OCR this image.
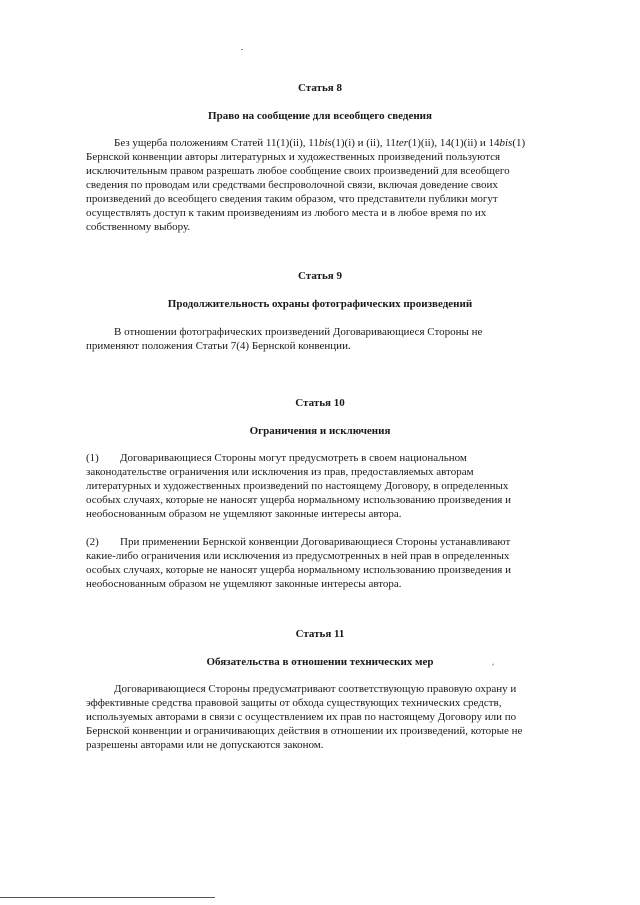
Статья 8
Право на сообщение для всеобщего сведения
Без ущерба положениям Статей 11(1)(ii), 11bis(1)(i) и (ii), 11ter(1)(ii), 14(1)(ii) и 14bis(1)
Бернской конвенции авторы литературных и художественных произведений пользуются
исключительным правом разрешать любое сообщение своих произведений для всеобщего
сведения по проводам или средствами беспроволочной связи, включая доведение своих
произведений до всеобщего сведения таким образом, что представители публики могут
осуществлять доступ к таким произведениям из любого места и в любое время по их
собственному выбору.
Статья 9
Продолжительность охраны фотографических произведений
В отношении фотографических произведений Договаривающиеся Стороны не
применяют положения Статьи 7(4) Бернской конвенции.
Статья 10
Ограничения и исключения
(1) Договаривающиеся Стороны могут предусмотреть в своем национальном
законодательстве ограничения или исключения из прав, предоставляемых авторам
литературных и художественных произведений по настоящему Договору, в определенных
особых случаях, которые не наносят ущерба нормальному использованию произведения и
необоснованным образом не ущемляют законные интересы автора.
(2) При применении Бернской конвенции Договаривающиеся Стороны устанавливают
какие-либо ограничения или исключения из предусмотренных в ней прав в определенных
особых случаях, которые не наносят ущерба нормальному использованию произведения и
необоснованным образом не ущемляют законные интересы автора.
Статья 11
Обязательства в отношении технических мер
Договаривающиеся Стороны предусматривают соответствующую правовую охрану и
эффективные средства правовой защиты от обхода существующих технических средств,
используемых авторами в связи с осуществлением их прав по настоящему Договору или по
Бернской конвенции и ограничивающих действия в отношении их произведений, которые не
разрешены авторами или не допускаются законом.
